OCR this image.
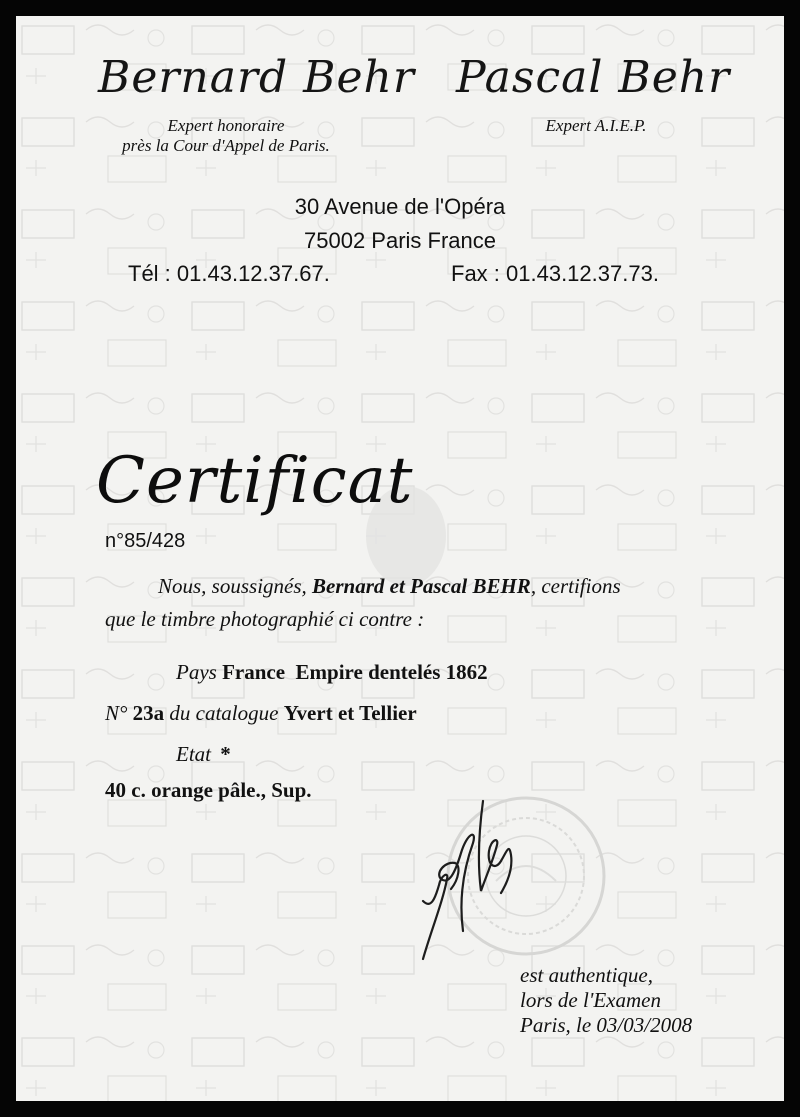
Bernard Behr Pascal Behr
Expert honoraire
près la Cour d'Appel de Paris.
Expert A.I.E.P.
30 Avenue de l'Opéra
75002 Paris France
Tél : 01.43.12.37.67.	Fax : 01.43.12.37.73.
Certificat
n°85/428
Nous, soussignés, Bernard et Pascal BEHR, certifions
que le timbre photographié ci contre :
Pays France  Empire dentelés 1862
N° 23a du catalogue Yvert et Tellier
Etat *
40 c. orange pâle., Sup.
est authentique,
lors de l'Examen
Paris, le 03/03/2008
